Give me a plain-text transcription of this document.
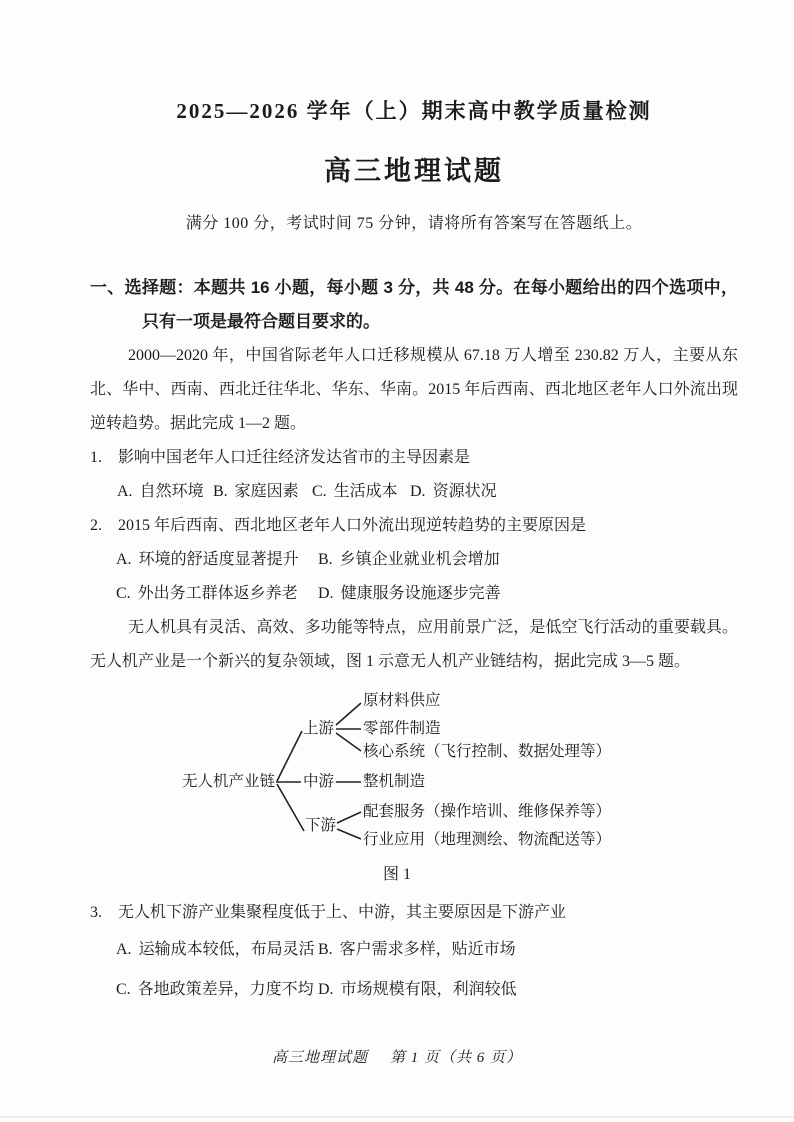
2025—2026 学年（上）期末高中教学质量检测
高三地理试题
满分 100 分，考试时间 75 分钟，请将所有答案写在答题纸上。
一、选择题：本题共 16 小题，每小题 3 分，共 48 分。在每小题给出的四个选项中，只有一项是最符合题目要求的。
2000—2020 年，中国省际老年人口迁移规模从 67.18 万人增至 230.82 万人，主要从东北、华中、西南、西北迁往华北、华东、华南。2015 年后西南、西北地区老年人口外流出现逆转趋势。据此完成 1—2 题。
1.	影响中国老年人口迁往经济发达省市的主导因素是
A. 自然环境 B. 家庭因素 C. 生活成本 D. 资源状况
2.	2015 年后西南、西北地区老年人口外流出现逆转趋势的主要原因是
A. 环境的舒适度显著提升	B. 乡镇企业就业机会增加
C. 外出务工群体返乡养老	D. 健康服务设施逐步完善
无人机具有灵活、高效、多功能等特点，应用前景广泛，是低空飞行活动的重要载具。无人机产业是一个新兴的复杂领域，图 1 示意无人机产业链结构，据此完成 3—5 题。
无人机产业链
上游
中游
下游
原材料供应
零部件制造
核心系统（飞行控制、数据处理等）
整机制造
配套服务（操作培训、维修保养等）
行业应用（地理测绘、物流配送等）
图 1
3.	无人机下游产业集聚程度低于上、中游，其主要原因是下游产业
A. 运输成本较低，布局灵活 B. 客户需求多样，贴近市场
C. 各地政策差异，力度不均 D. 市场规模有限，利润较低
高三地理试题 第 1 页（共 6 页）
